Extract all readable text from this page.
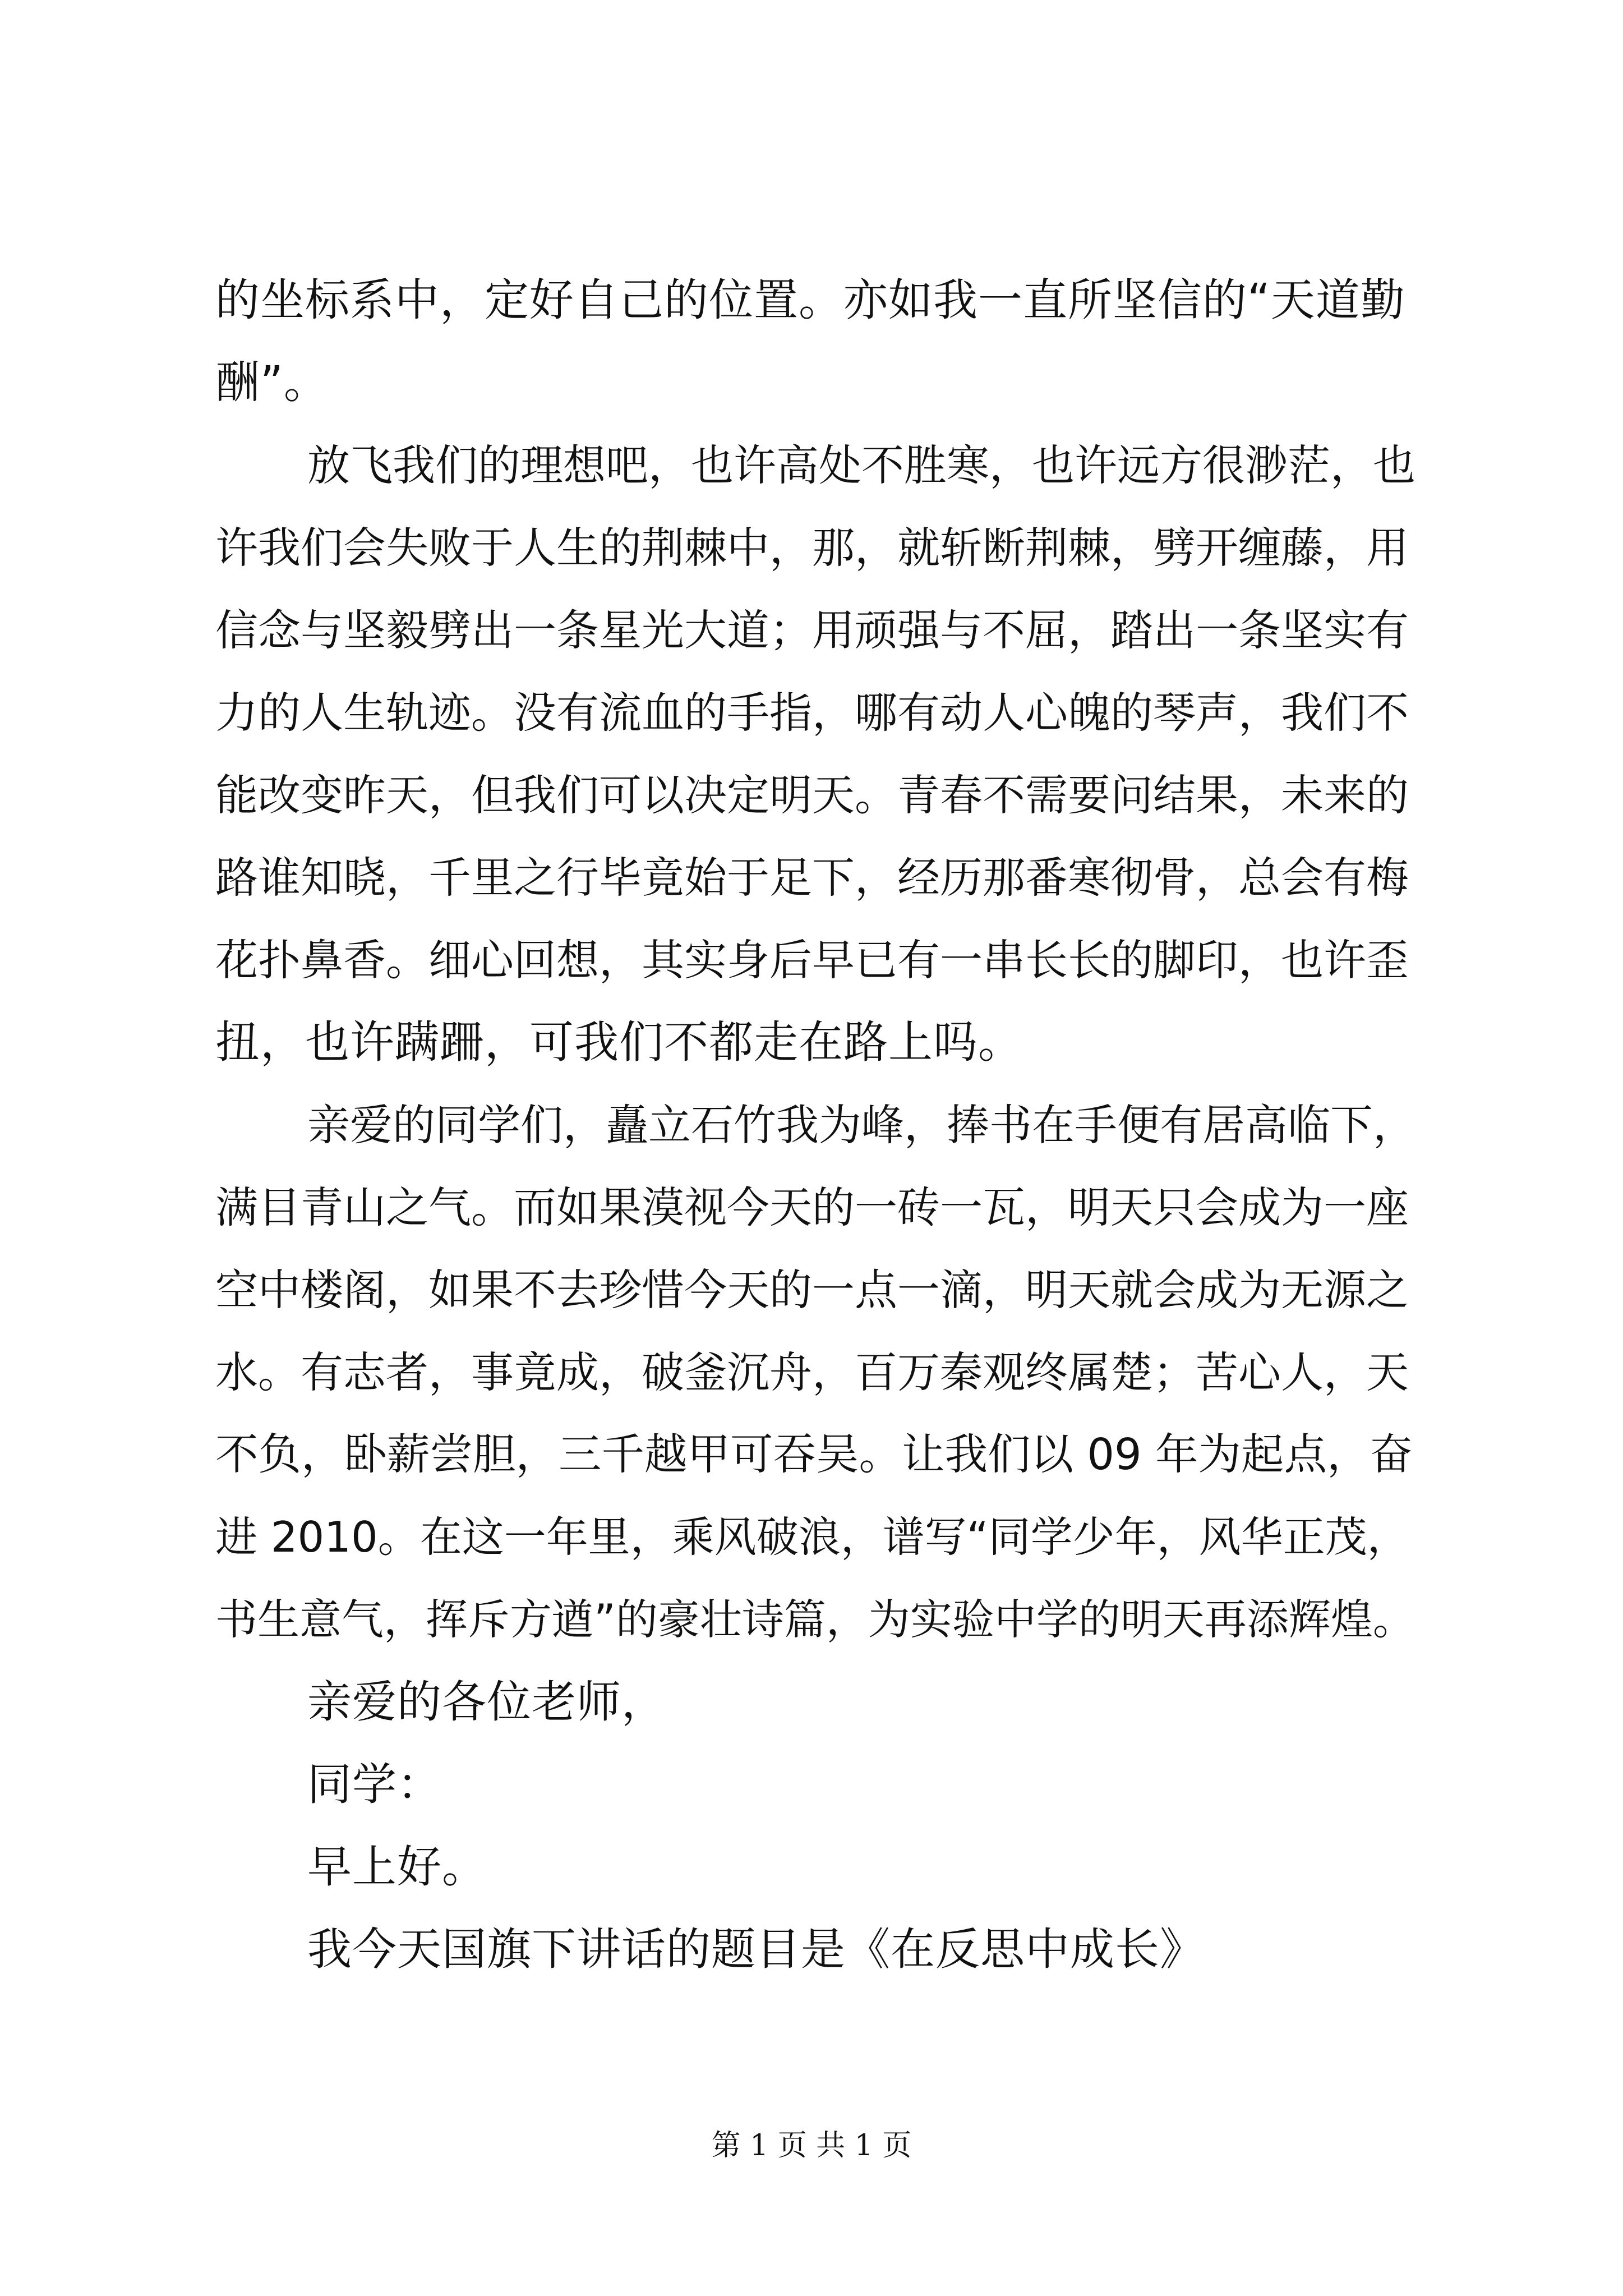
的坐标系中，定好自己的位置。亦如我一直所坚信的“天道勤
酬”。
放飞我们的理想吧，也许高处不胜寒，也许远方很渺茫，也
许我们会失败于人生的荆棘中，那，就斩断荆棘，劈开缠藤，用
信念与坚毅劈出一条星光大道；用顽强与不屈，踏出一条坚实有
力的人生轨迹。没有流血的手指，哪有动人心魄的琴声，我们不
能改变昨天，但我们可以决定明天。青春不需要问结果，未来的
路谁知晓，千里之行毕竟始于足下，经历那番寒彻骨，总会有梅
花扑鼻香。细心回想，其实身后早已有一串长长的脚印，也许歪
扭，也许蹒跚，可我们不都走在路上吗。
亲爱的同学们，矗立石竹我为峰，捧书在手便有居高临下，
满目青山之气。而如果漠视今天的一砖一瓦，明天只会成为一座
空中楼阁，如果不去珍惜今天的一点一滴，明天就会成为无源之
水。有志者，事竟成，破釜沉舟，百万秦观终属楚；苦心人，天
不负，卧薪尝胆，三千越甲可吞吴。让我们以 09 年为起点，奋
进 2010。在这一年里，乘风破浪，谱写“同学少年，风华正茂，
书生意气，挥斥方遒”的豪壮诗篇，为实验中学的明天再添辉煌。
亲爱的各位老师，
同学：
早上好。
我今天国旗下讲话的题目是《在反思中成长》
第 1 页 共 1 页
